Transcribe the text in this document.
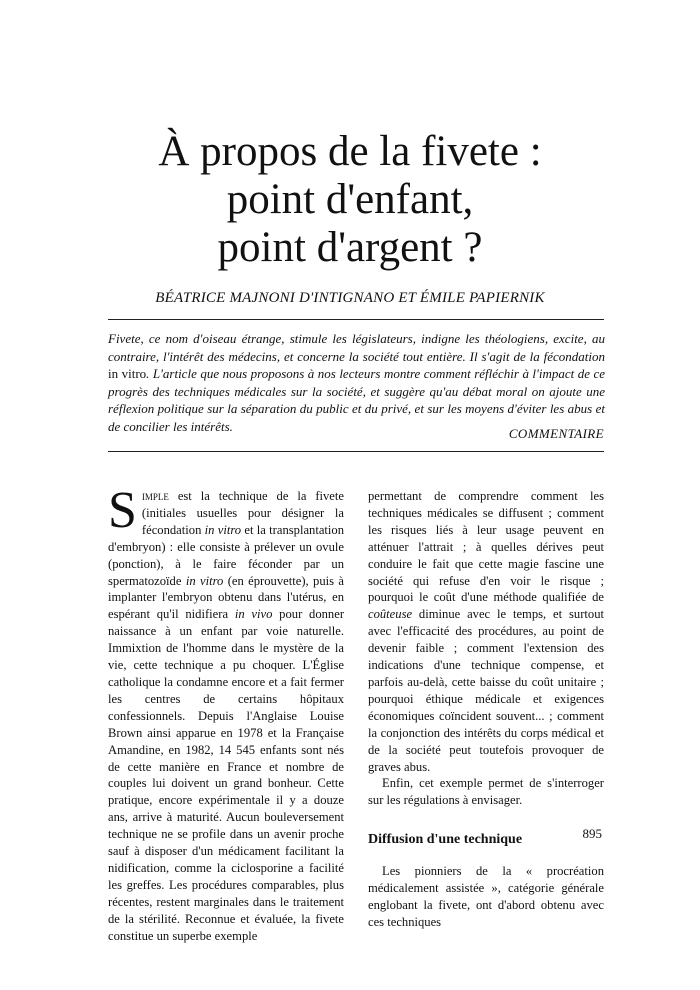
À propos de la fivete :
point d'enfant,
point d'argent ?
BÉATRICE MAJNONI D'INTIGNANO ET ÉMILE PAPIERNIK

Fivete, ce nom d'oiseau étrange, stimule les législateurs, indigne les théologiens, excite, au contraire, l'intérêt des médecins, et concerne la société tout entière. Il s'agit de la fécondation in vitro. L'article que nous proposons à nos lecteurs montre comment réfléchir à l'impact de ce progrès des techniques médicales sur la société, et suggère qu'au débat moral on ajoute une réflexion politique sur la séparation du public et du privé, et sur les moyens d'éviter les abus et de concilier les intérêts.	COMMENTAIRE

Simple est la technique de la fivete (initiales usuelles pour désigner la fécondation in vitro et la transplantation d'embryon) : elle consiste à prélever un ovule (ponction), à le faire féconder par un spermatozoïde in vitro (en éprouvette), puis à implanter l'embryon obtenu dans l'utérus, en espérant qu'il nidifiera in vivo pour donner naissance à un enfant par voie naturelle. Immixtion de l'homme dans le mystère de la vie, cette technique a pu choquer. L'Église catholique la condamne encore et a fait fermer les centres de certains hôpitaux confessionnels. Depuis l'Anglaise Louise Brown ainsi apparue en 1978 et la Française Amandine, en 1982, 14 545 enfants sont nés de cette manière en France et nombre de couples lui doivent un grand bonheur. Cette pratique, encore expérimentale il y a douze ans, arrive à maturité. Aucun bouleversement technique ne se profile dans un avenir proche sauf à disposer d'un médicament facilitant la nidification, comme la ciclosporine a facilité les greffes. Les procédures comparables, plus récentes, restent marginales dans le traitement de la stérilité. Reconnue et évaluée, la fivete constitue un superbe exemple

permettant de comprendre comment les techniques médicales se diffusent ; comment les risques liés à leur usage peuvent en atténuer l'attrait ; à quelles dérives peut conduire le fait que cette magie fascine une société qui refuse d'en voir le risque ; pourquoi le coût d'une méthode qualifiée de coûteuse diminue avec le temps, et surtout avec l'efficacité des procédures, au point de devenir faible ; comment l'extension des indications d'une technique compense, et parfois au-delà, cette baisse du coût unitaire ; pourquoi éthique médicale et exigences économiques coïncident souvent... ; comment la conjonction des intérêts du corps médical et de la société peut toutefois provoquer de graves abus.

Enfin, cet exemple permet de s'interroger sur les régulations à envisager.

Diffusion d'une technique

Les pionniers de la « procréation médicalement assistée », catégorie générale englobant la fivete, ont d'abord obtenu avec ces techniques

895
